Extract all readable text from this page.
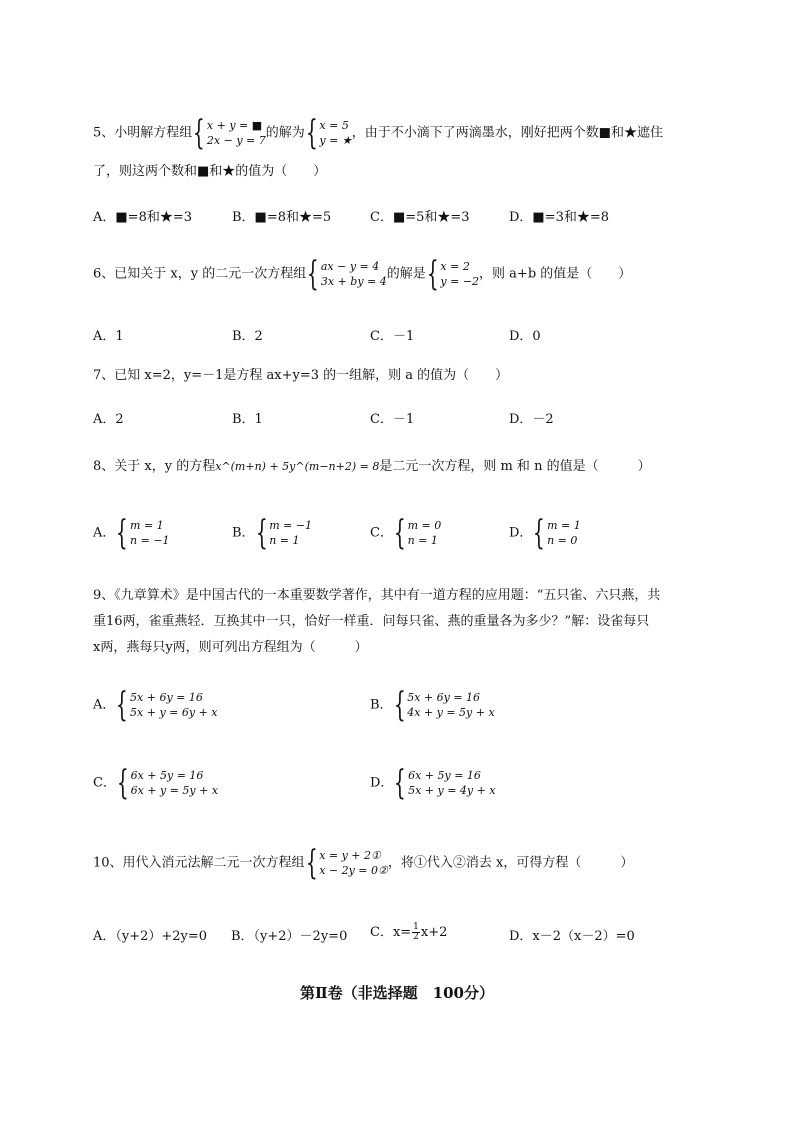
5、小明解方程组 { x + y = ■
2x − y = 7 的解为 { x = 5
y = ★ ，由于不小滴下了两滴墨水，刚好把两个数■和★遮住
了，则这两个数和■和★的值为（　　）
A．■=8和★=3	B．■=8和★=5	C．■=5和★=3	D．■=3和★=8
6、已知关于 x，y 的二元一次方程组 { ax − y = 4
3x + by = 4 的解是 { x = 2
y = −2 ，则 a+b 的值是（　　）
A．1	B．2	C．－1	D．0
7、已知 x=2，y=－1是方程 ax+y=3 的一组解，则 a 的值为（　　）
A．2	B．1	C．－1	D．－2
8、关于 x，y 的方程x^(m+n) + 5y^(m−n+2) = 8是二元一次方程，则 m 和 n 的值是（　　　）
A． { m = 1
n = −1	B． { m = −1
n = 1	C． { m = 0
n = 1	D． { m = 1
n = 0
9、《九章算术》是中国古代的一本重要数学著作，其中有一道方程的应用题：“五只雀、六只燕，共
重16两，雀重燕轻．互换其中一只，恰好一样重．问每只雀、燕的重量各为多少？”解：设雀每只
x两，燕每只y两，则可列出方程组为（　　　）
A． { 5x + 6y = 16
5x + y = 6y + x	B． { 5x + 6y = 16
4x + y = 5y + x
C． { 6x + 5y = 16
6x + y = 5y + x	D． { 6x + 5y = 16
5x + y = 4y + x
10、用代入消元法解二元一次方程组 { x = y + 2①
x − 2y = 0② ，将①代入②消去 x，可得方程（　　　）
A．（y+2）+2y=0 B．（y+2）－2y=0 C．$x= \frac{1}{2} x+2$	D．x－2（x－2）=0
第Ⅱ卷（非选择题　100分）
